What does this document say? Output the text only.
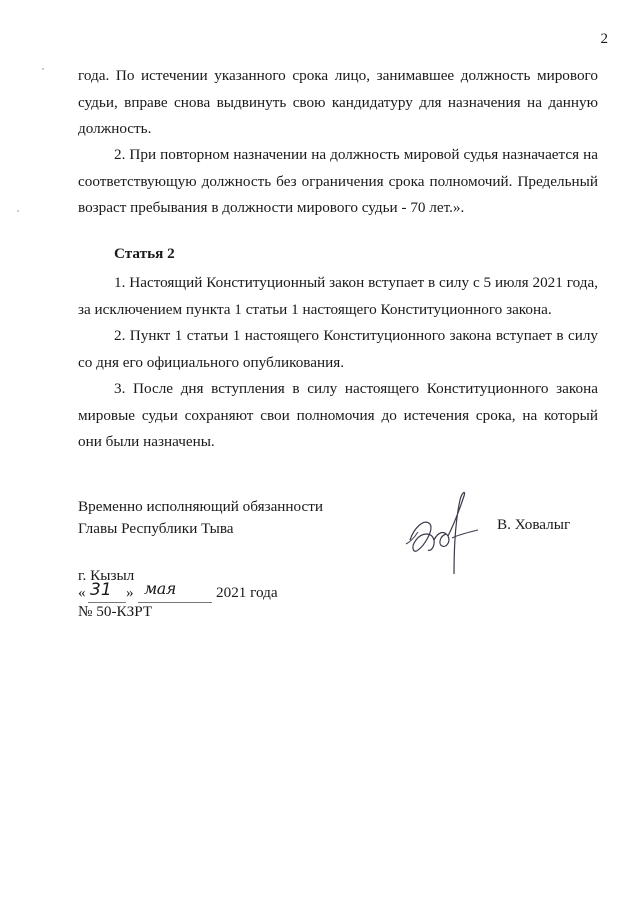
2

года. По истечении указанного срока лицо, занимавшее должность мирового судьи, вправе снова выдвинуть свою кандидатуру для назначения на данную должность.

2. При повторном назначении на должность мировой судья назначается на соответствующую должность без ограничения срока полномочий. Предельный возраст пребывания в должности мирового судьи - 70 лет.».

Статья 2

1. Настоящий Конституционный закон вступает в силу с 5 июля 2021 года, за исключением пункта 1 статьи 1 настоящего Конституционного закона.

2. Пункт 1 статьи 1 настоящего Конституционного закона вступает в силу со дня его официального опубликования.

3. После дня вступления в силу настоящего Конституционного закона мировые судьи сохраняют свои полномочия до истечения срока, на который они были назначены.

Временно исполняющий обязанности
Главы Республики Тыва	В. Ховалыг
г. Кызыл
« 31 » мая	2021 года
№ 50-КЗРТ
